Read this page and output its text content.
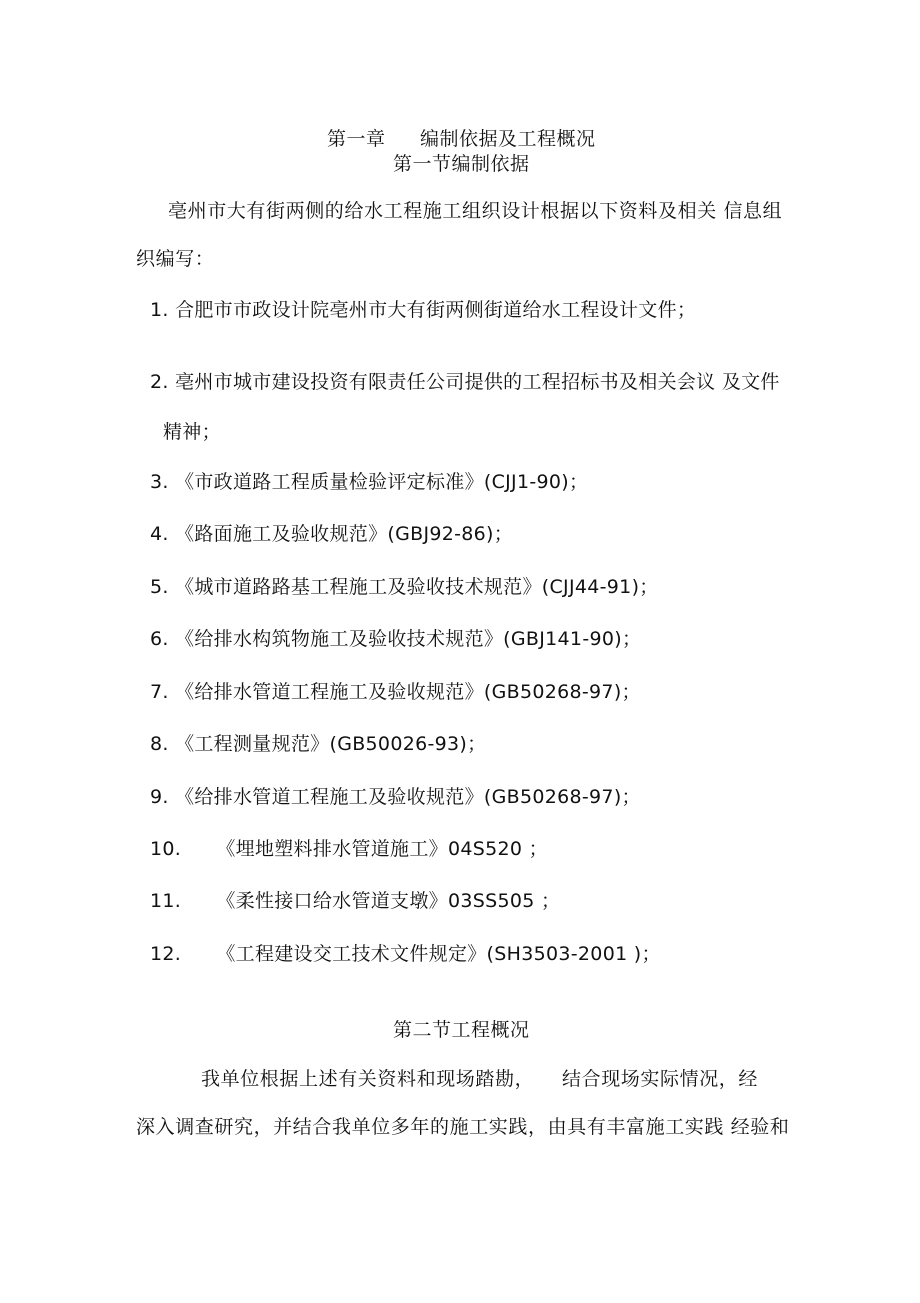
第一章 编制依据及工程概况
第一节编制依据
亳州市大有街两侧的给水工程施工组织设计根据以下资料及相关 信息组
织编写：
1. 合肥市市政设计院亳州市大有街两侧街道给水工程设计文件；
2. 亳州市城市建设投资有限责任公司提供的工程招标书及相关会议 及文件
精神；
3. 《市政道路工程质量检验评定标准》(CJJ1-90)；
4. 《路面施工及验收规范》(GBJ92-86)；
5. 《城市道路路基工程施工及验收技术规范》(CJJ44-91)；
6. 《给排水构筑物施工及验收技术规范》(GBJ141-90)；
7. 《给排水管道工程施工及验收规范》(GB50268-97)；
8. 《工程测量规范》(GB50026-93)；
9. 《给排水管道工程施工及验收规范》(GB50268-97)；
10. 《埋地塑料排水管道施工》04S520 ；
11. 《柔性接口给水管道支墩》03SS505 ；
12. 《工程建设交工技术文件规定》(SH3503-2001 )；
第二节工程概况
我单位根据上述有关资料和现场踏勘， 结合现场实际情况，经
深入调查研究，并结合我单位多年的施工实践，由具有丰富施工实践 经验和
